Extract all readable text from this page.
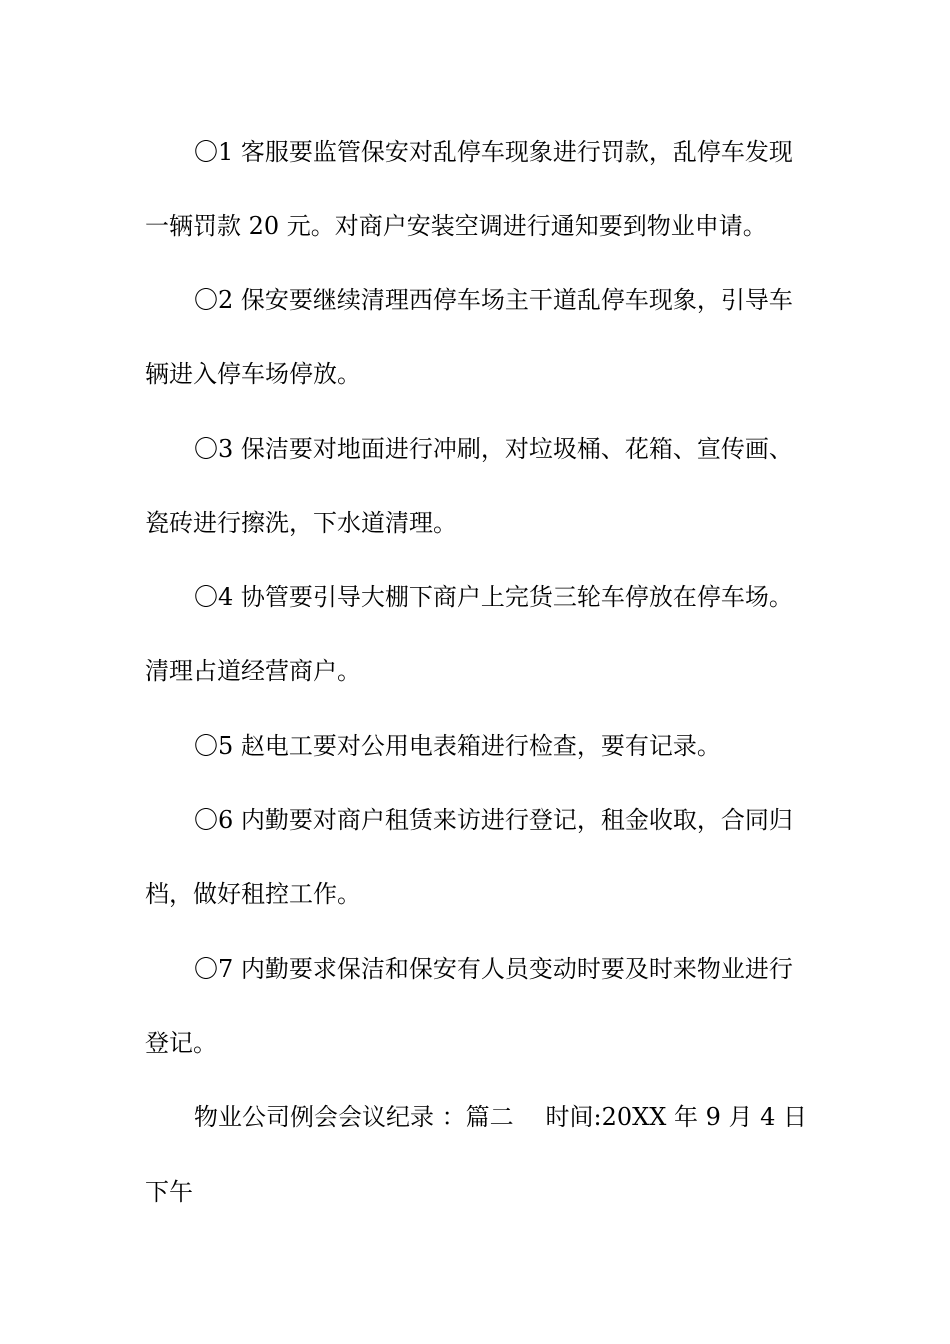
〇1 客服要监管保安对乱停车现象进行罚款，乱停车发现
一辆罚款 20 元。对商户安装空调进行通知要到物业申请。
〇2 保安要继续清理西停车场主干道乱停车现象，引导车
辆进入停车场停放。
〇3 保洁要对地面进行冲刷，对垃圾桶、花箱、宣传画、
瓷砖进行擦洗，下水道清理。
〇4 协管要引导大棚下商户上完货三轮车停放在停车场。
清理占道经营商户。
〇5 赵电工要对公用电表箱进行检查，要有记录。
〇6 内勤要对商户租赁来访进行登记，租金收取，合同归
档，做好租控工作。
〇7 内勤要求保洁和保安有人员变动时要及时来物业进行
登记。
物业公司例会会议纪录 ：篇二 时间:20XX 年 9 月 4 日
下午
